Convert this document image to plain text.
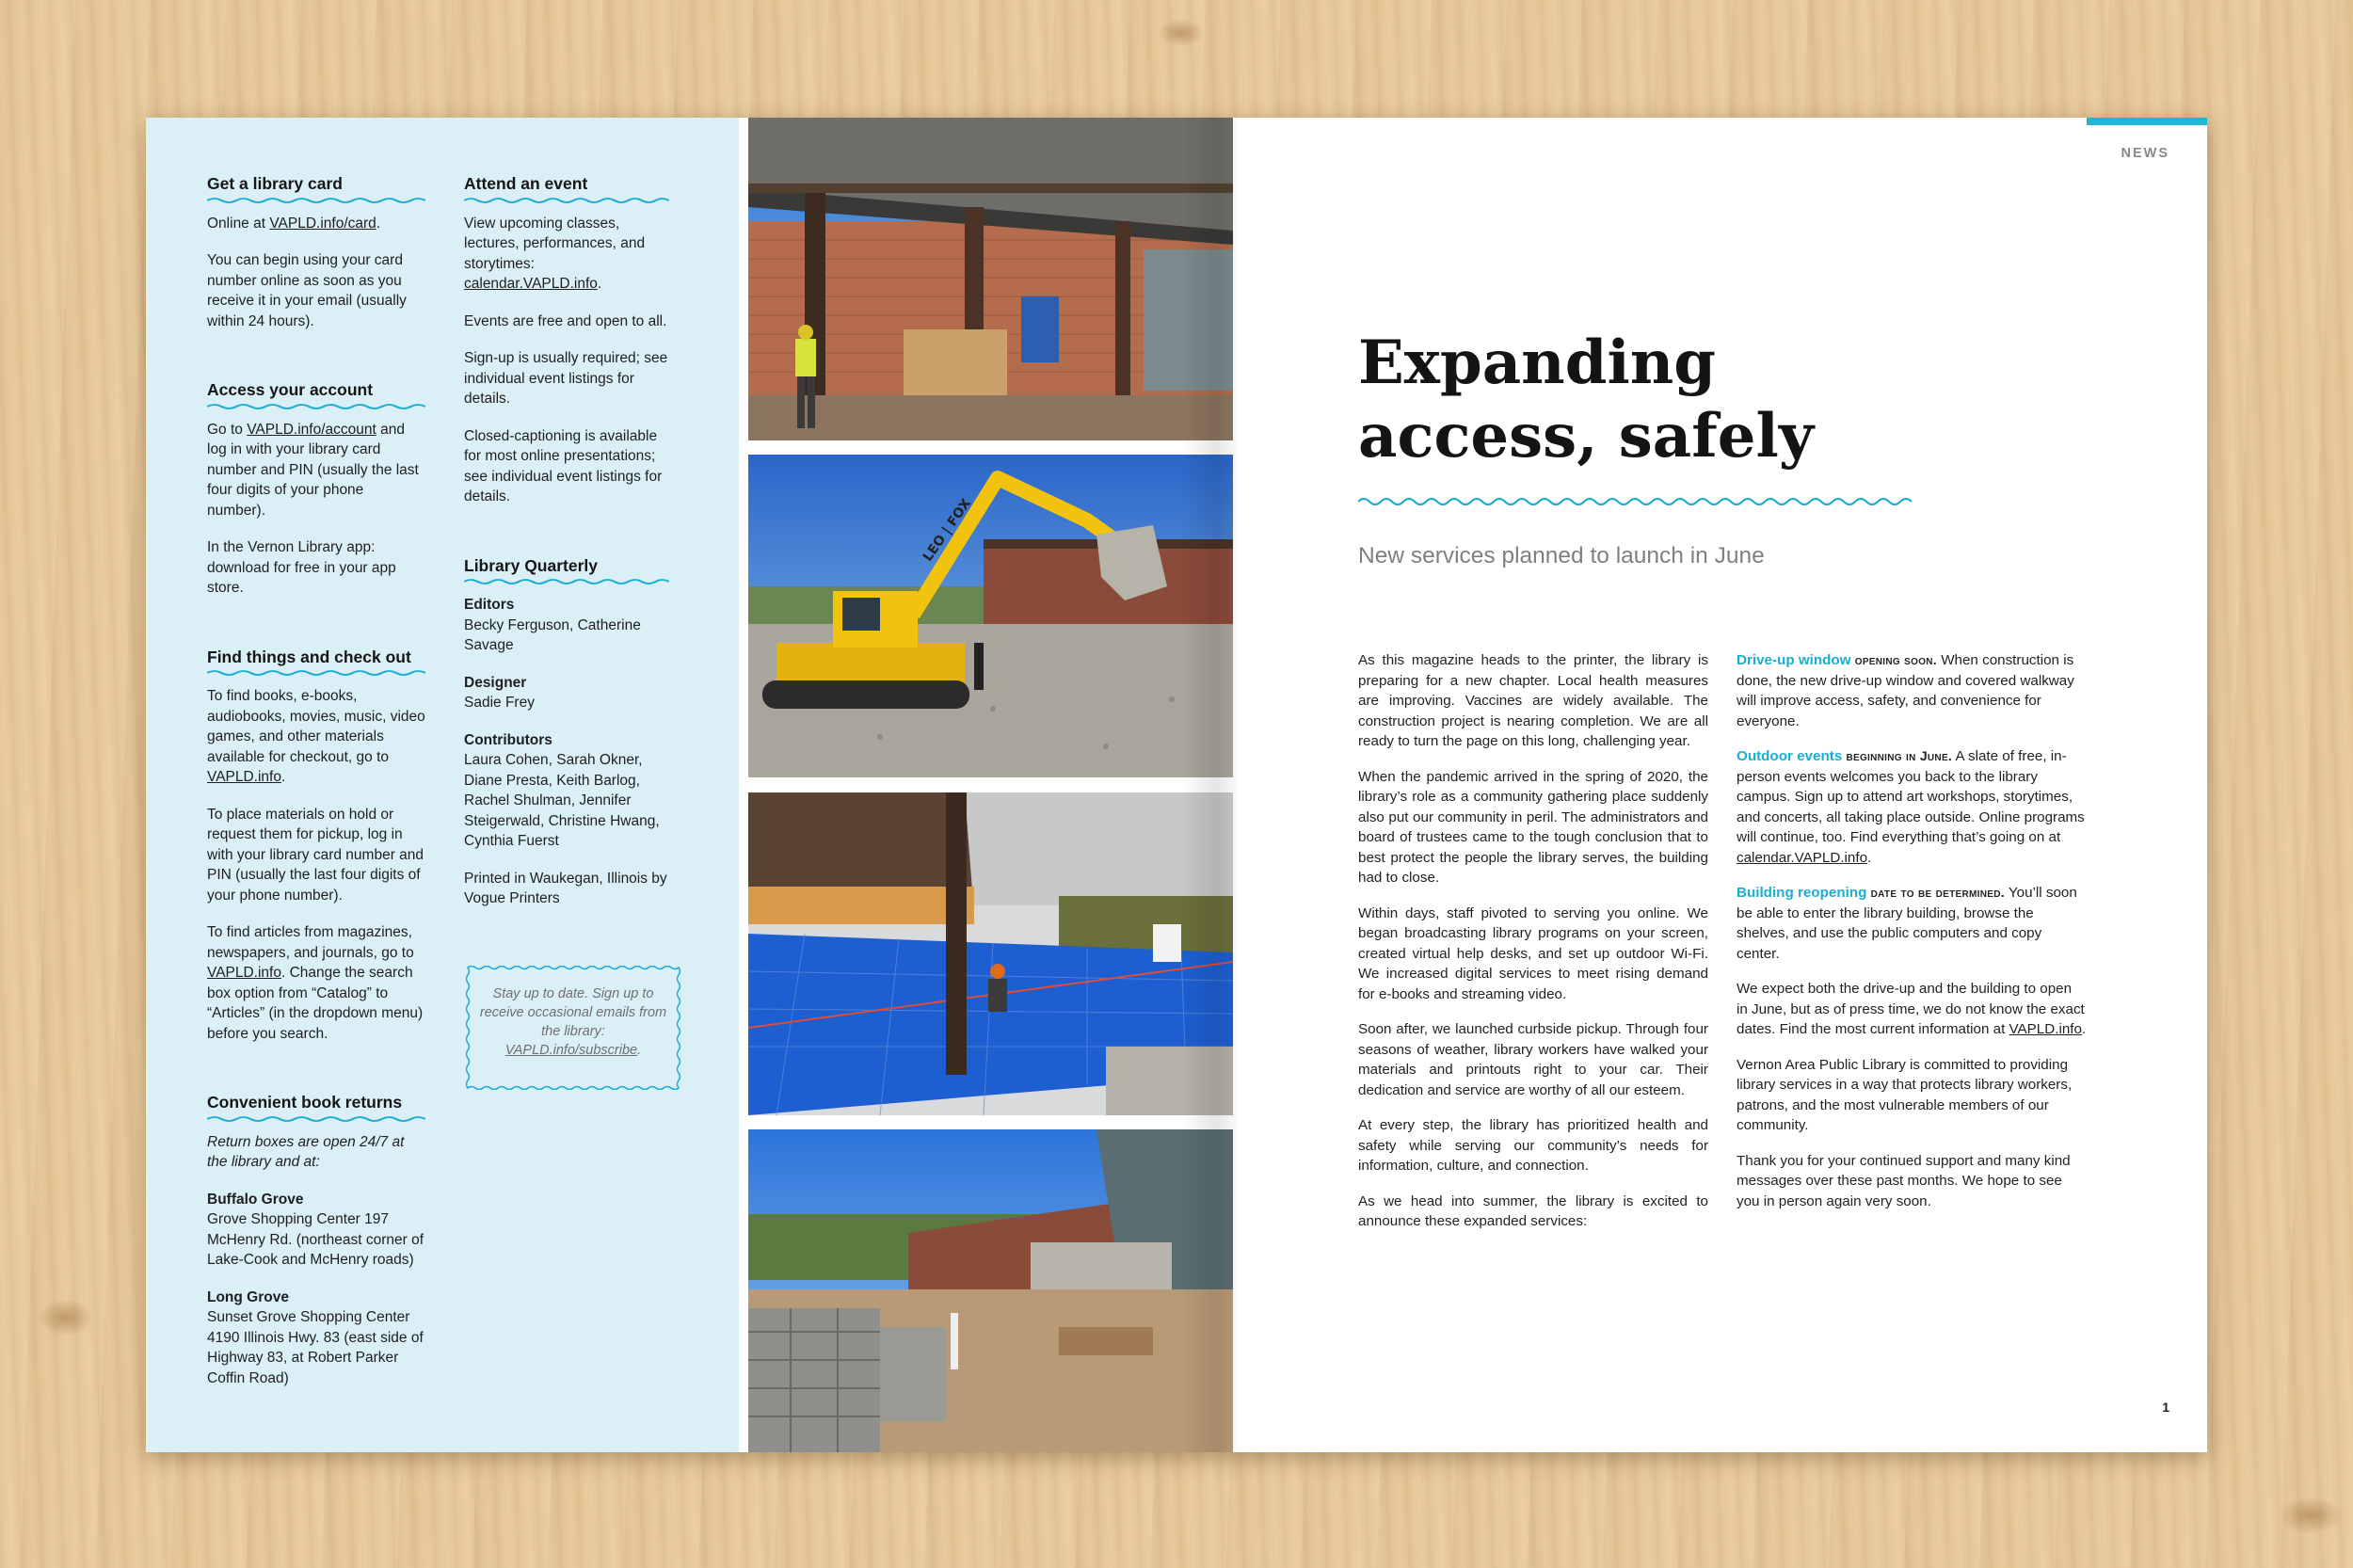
Get a library card

Online at VAPLD.info/card.

You can begin using your card number online as soon as you receive it in your email (usually within 24 hours).

Access your account

Go to VAPLD.info/account and log in with your library card number and PIN (usually the last four digits of your phone number).

In the Vernon Library app: download for free in your app store.

Find things and check out

To find books, e-books, audiobooks, movies, music, video games, and other materials available for checkout, go to VAPLD.info.

To place materials on hold or request them for pickup, log in with your library card number and PIN (usually the last four digits of your phone number).

To find articles from magazines, newspapers, and journals, go to VAPLD.info. Change the search box option from “Catalog” to “Articles” (in the dropdown menu) before you search.

Convenient book returns

Return boxes are open 24/7 at the library and at:

Buffalo Grove
Grove Shopping Center 197 McHenry Rd. (northeast corner of Lake-Cook and McHenry roads)

Long Grove
Sunset Grove Shopping Center 4190 Illinois Hwy. 83 (east side of Highway 83, at Robert Parker Coffin Road)

Attend an event

View upcoming classes, lectures, performances, and storytimes: calendar.VAPLD.info.

Events are free and open to all.

Sign-up is usually required; see individual event listings for details.

Closed-captioning is available for most online presentations; see individual event listings for details.

Library Quarterly

Editors
Becky Ferguson, Catherine Savage

Designer
Sadie Frey

Contributors
Laura Cohen, Sarah Okner, Diane Presta, Keith Barlog, Rachel Shulman, Jennifer Steigerwald, Christine Hwang, Cynthia Fuerst

Printed in Waukegan, Illinois by Vogue Printers

Stay up to date. Sign up to receive occasional emails from the library: VAPLD.info/subscribe.
LEO | FOX
NEWS
Expanding access, safely
New services planned to launch in June

As this magazine heads to the printer, the library is preparing for a new chapter. Local health measures are improving. Vaccines are widely available. The construction project is nearing completion. We are all ready to turn the page on this long, challenging year.

When the pandemic arrived in the spring of 2020, the library’s role as a community gathering place suddenly also put our community in peril. The administrators and board of trustees came to the tough conclusion that to best protect the people the library serves, the building had to close.

Within days, staff pivoted to serving you online. We began broadcasting library programs on your screen, created virtual help desks, and set up outdoor Wi-Fi. We increased digital services to meet rising demand for e-books and streaming video.

Soon after, we launched curbside pickup. Through four seasons of weather, library workers have walked your materials and printouts right to your car. Their dedication and service are worthy of all our esteem.

At every step, the library has prioritized health and safety while serving our community’s needs for information, culture, and connection.

As we head into summer, the library is excited to announce these expanded services:

Drive-up window opening soon. When construction is done, the new drive-up window and covered walkway will improve access, safety, and convenience for everyone.

Outdoor events beginning in June. A slate of free, in-person events welcomes you back to the library campus. Sign up to attend art workshops, storytimes, and concerts, all taking place outside. Online programs will continue, too. Find everything that’s going on at calendar.VAPLD.info.

Building reopening date to be determined. You’ll soon be able to enter the library building, browse the shelves, and use the public computers and copy center.

We expect both the drive-up and the building to open in June, but as of press time, we do not know the exact dates. Find the most current information at VAPLD.info.

Vernon Area Public Library is committed to providing library services in a way that protects library workers, patrons, and the most vulnerable members of our community.

Thank you for your continued support and many kind messages over these past months. We hope to see you in person again very soon.

1
